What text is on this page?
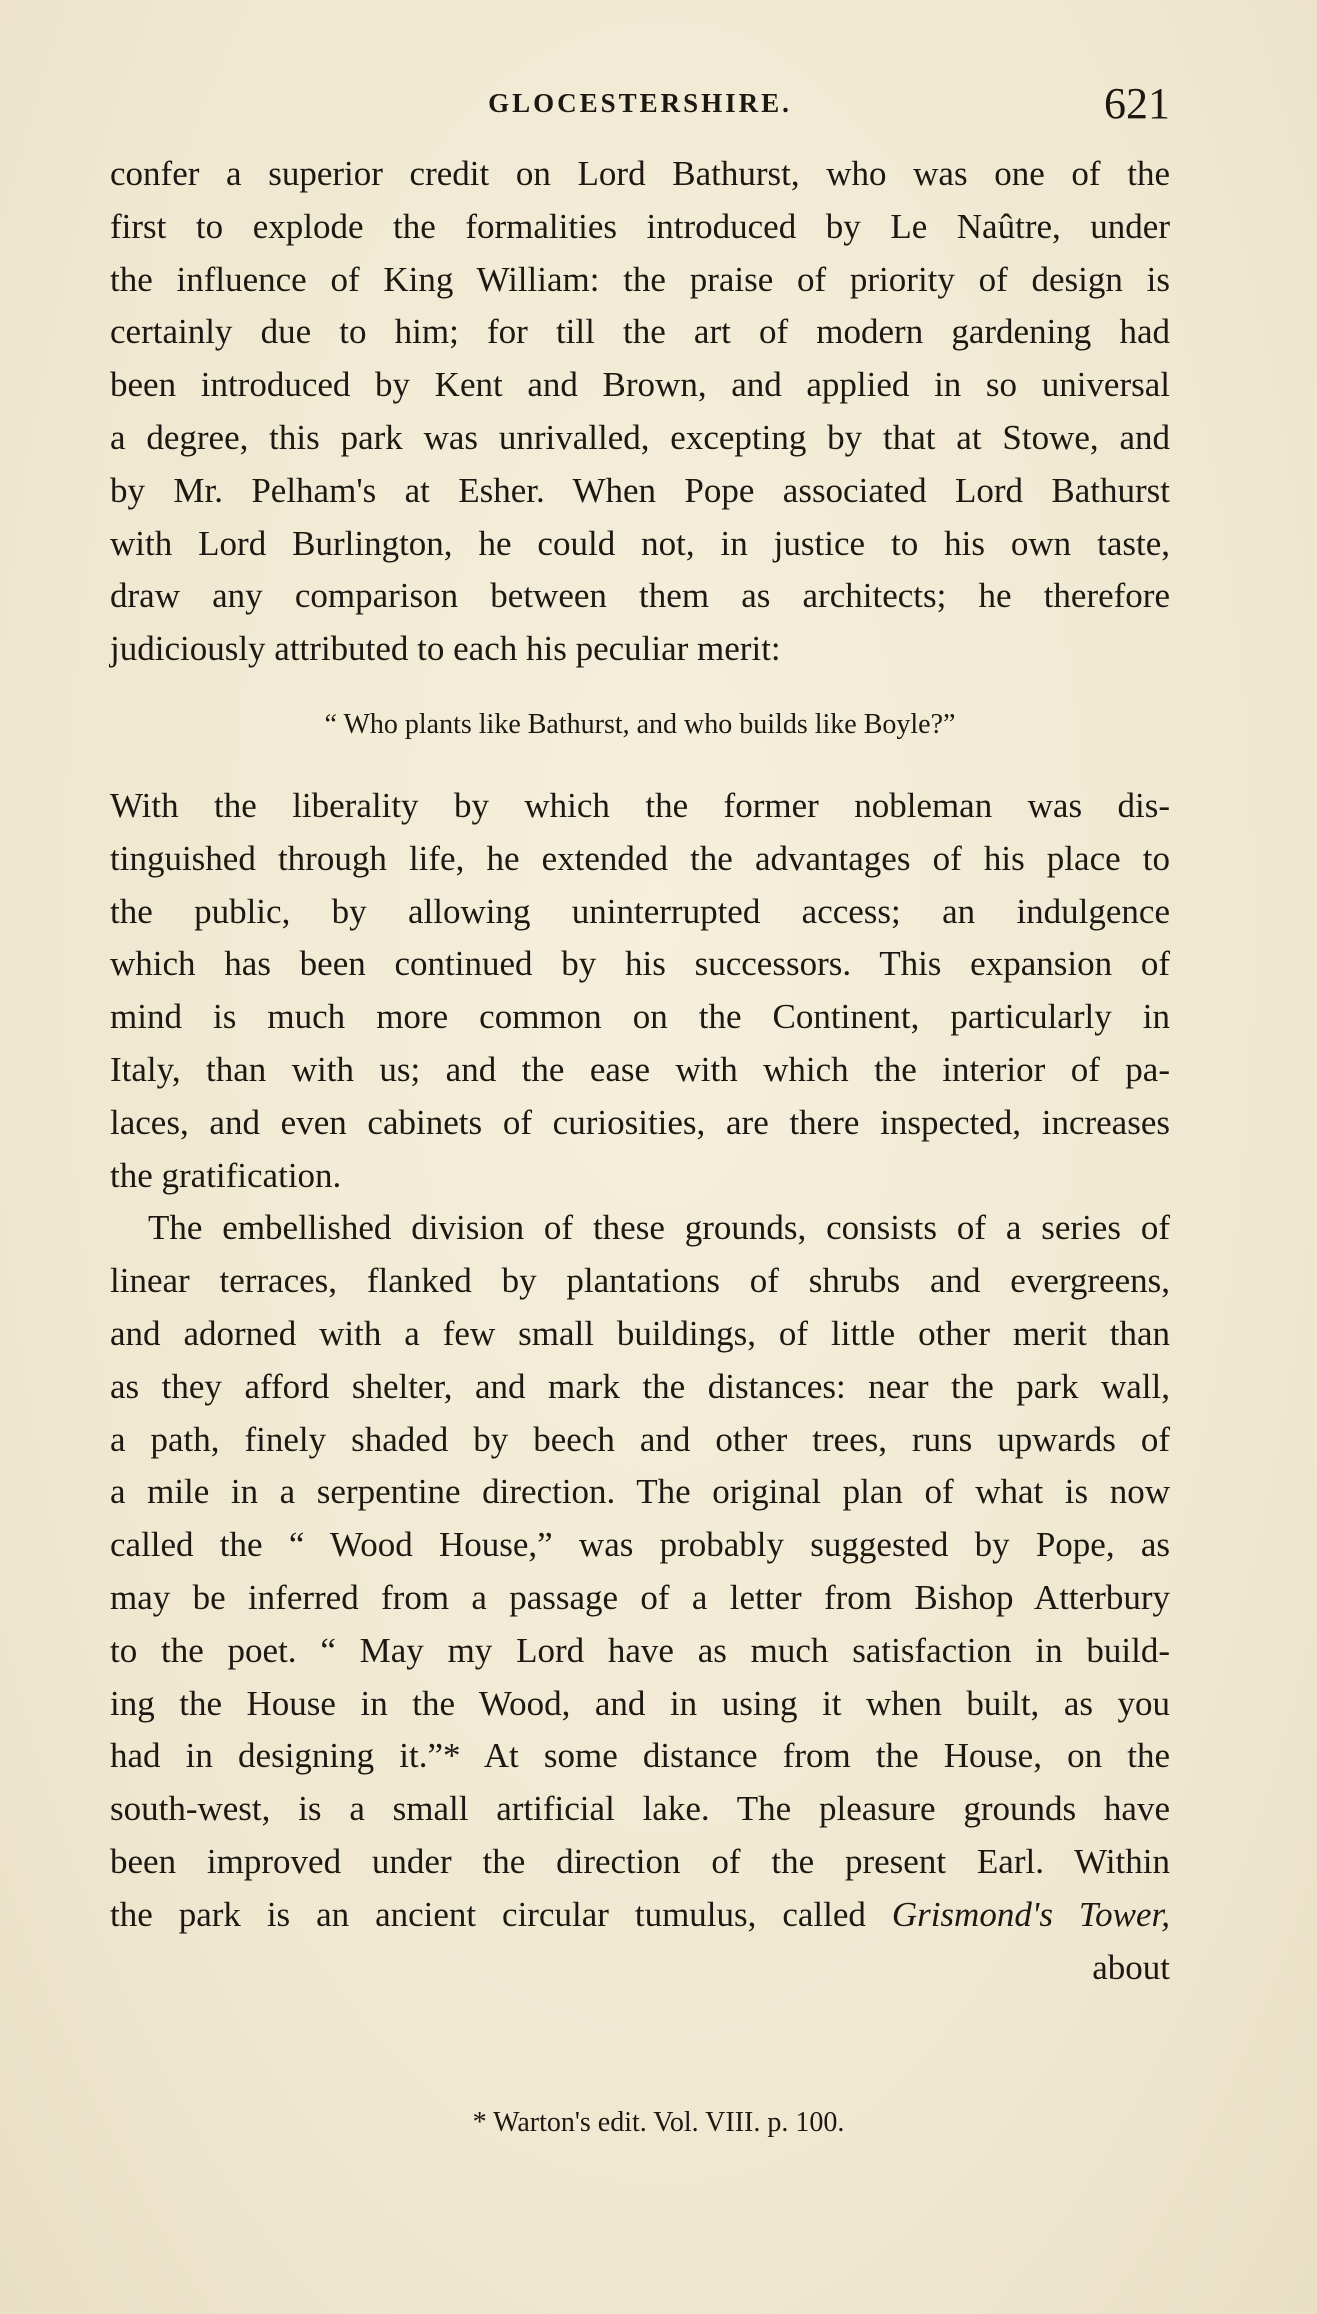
GLOCESTERSHIRE.	621
confer a superior credit on Lord Bathurst, who was one of the
first to explode the formalities introduced by Le Naûtre, under
the influence of King William: the praise of priority of design is
certainly due to him; for till the art of modern gardening had
been introduced by Kent and Brown, and applied in so universal
a degree, this park was unrivalled, excepting by that at Stowe, and
by Mr. Pelham's at Esher. When Pope associated Lord Bathurst
with Lord Burlington, he could not, in justice to his own taste,
draw any comparison between them as architects; he therefore
judiciously attributed to each his peculiar merit:
“ Who plants like Bathurst, and who builds like Boyle?”
With the liberality by which the former nobleman was dis-
tinguished through life, he extended the advantages of his place to
the public, by allowing uninterrupted access; an indulgence
which has been continued by his successors. This expansion of
mind is much more common on the Continent, particularly in
Italy, than with us; and the ease with which the interior of pa-
laces, and even cabinets of curiosities, are there inspected, increases
the gratification.
The embellished division of these grounds, consists of a series of
linear terraces, flanked by plantations of shrubs and evergreens,
and adorned with a few small buildings, of little other merit than
as they afford shelter, and mark the distances: near the park wall,
a path, finely shaded by beech and other trees, runs upwards of
a mile in a serpentine direction. The original plan of what is now
called the “ Wood House,” was probably suggested by Pope, as
may be inferred from a passage of a letter from Bishop Atterbury
to the poet. “ May my Lord have as much satisfaction in build-
ing the House in the Wood, and in using it when built, as you
had in designing it.”* At some distance from the House, on the
south-west, is a small artificial lake. The pleasure grounds have
been improved under the direction of the present Earl. Within
the park is an ancient circular tumulus, called Grismond's Tower,
about
* Warton's edit. Vol. VIII. p. 100.
